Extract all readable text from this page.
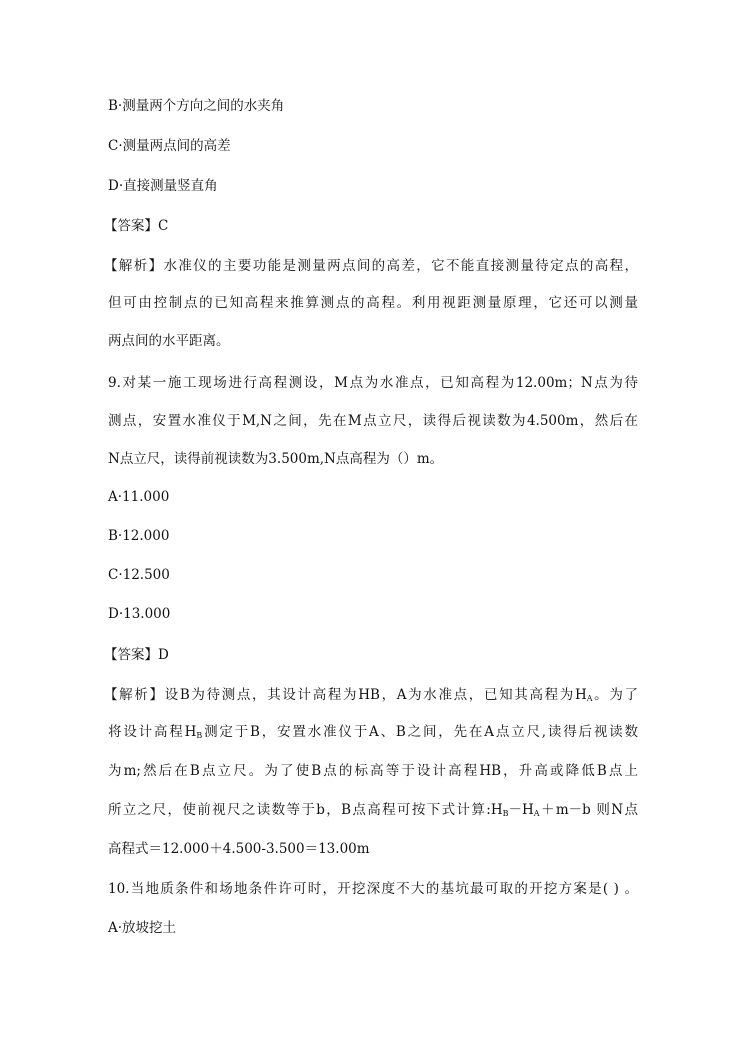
B·测量两个方向之间的水夹角
C·测量两点间的高差
D·直接测量竖直角
【答案】C
【解析】水准仪的主要功能是测量两点间的高差，它不能直接测量待定点的高程，
但可由控制点的已知高程来推算测点的高程。利用视距测量原理，它还可以测量
两点间的水平距离。
9.对某一施工现场进行高程测设，M点为水准点，已知高程为12.00m；N点为待
测点，安置水准仪于M,N之间，先在M点立尺，读得后视读数为4.500m，然后在
N点立尺，读得前视读数为3.500m,N点高程为（）m。
A·11.000
B·12.000
C·12.500
D·13.000
【答案】D
【解析】设B为待测点，其设计高程为HB，A为水准点，已知其高程为$H_A$。为了
将设计高程$H_B$测定于B，安置水准仪于A、B之间，先在A点立尺,读得后视读数
为m;然后在B点立尺。为了使B点的标高等于设计高程HB，升高或降低B点上
所立之尺，使前视尺之读数等于b，B点高程可按下式计算$:H_B-H_A+m-b$ 则N点
高程式＝12.000＋4.500-3.500＝13.00m
10.当地质条件和场地条件许可时，开挖深度不大的基坑最可取的开挖方案是( ) 。
A·放坡挖土
